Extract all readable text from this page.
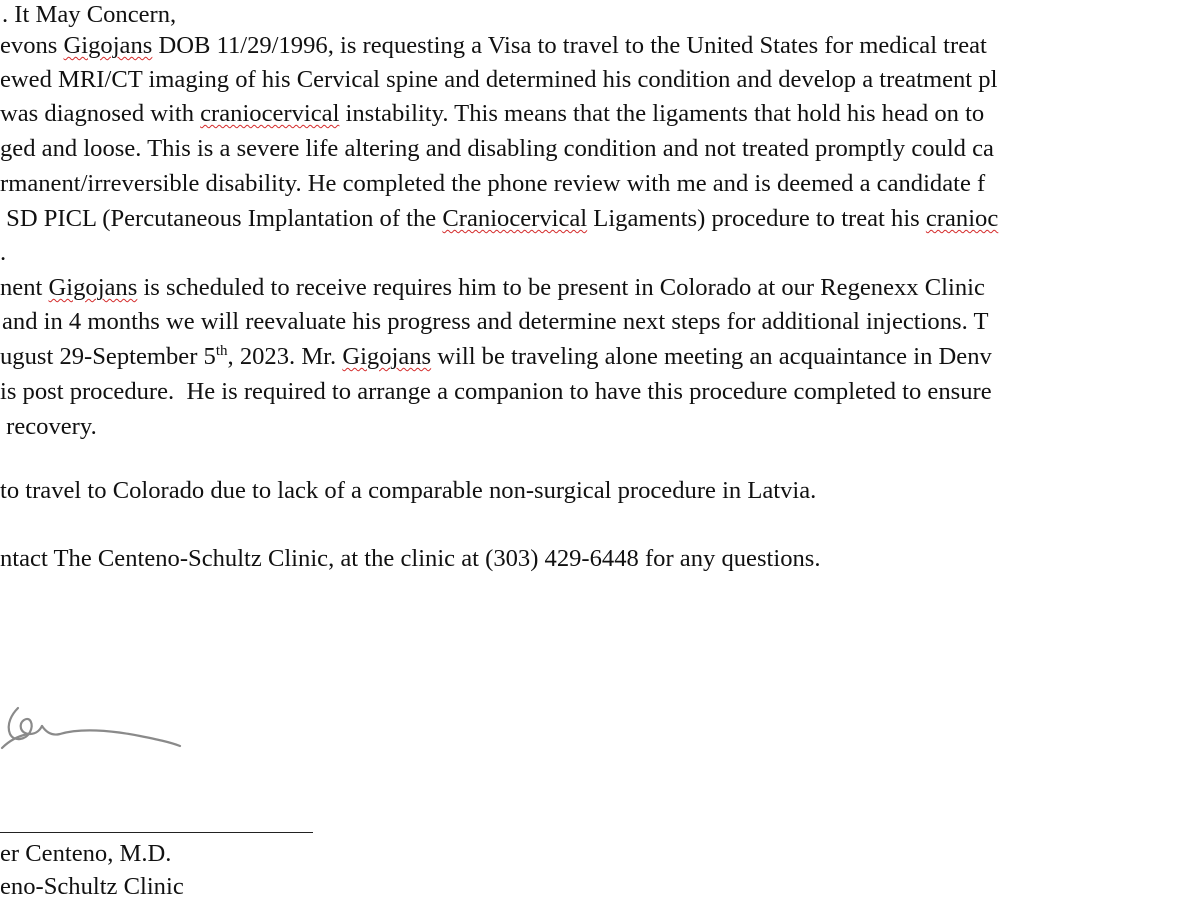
. It May Concern,
evons Gigojans DOB 11/29/1996, is requesting a Visa to travel to the United States for medical treat
ewed MRI/CT imaging of his Cervical spine and determined his condition and develop a treatment pl
was diagnosed with craniocervical instability. This means that the ligaments that hold his head on to
ged and loose. This is a severe life altering and disabling condition and not treated promptly could ca
rmanent/irreversible disability. He completed the phone review with me and is deemed a candidate f
SD PICL (Percutaneous Implantation of the Craniocervical Ligaments) procedure to treat his cranioc
.
nent Gigojans is scheduled to receive requires him to be present in Colorado at our Regenexx Clinic
and in 4 months we will reevaluate his progress and determine next steps for additional injections. T
ugust 29-September 5th, 2023. Mr. Gigojans will be traveling alone meeting an acquaintance in Denv
is post procedure.  He is required to arrange a companion to have this procedure completed to ensure
recovery.
to travel to Colorado due to lack of a comparable non-surgical procedure in Latvia.
ntact The Centeno-Schultz Clinic, at the clinic at (303) 429-6448 for any questions.
er Centeno, M.D.
eno-Schultz Clinic
